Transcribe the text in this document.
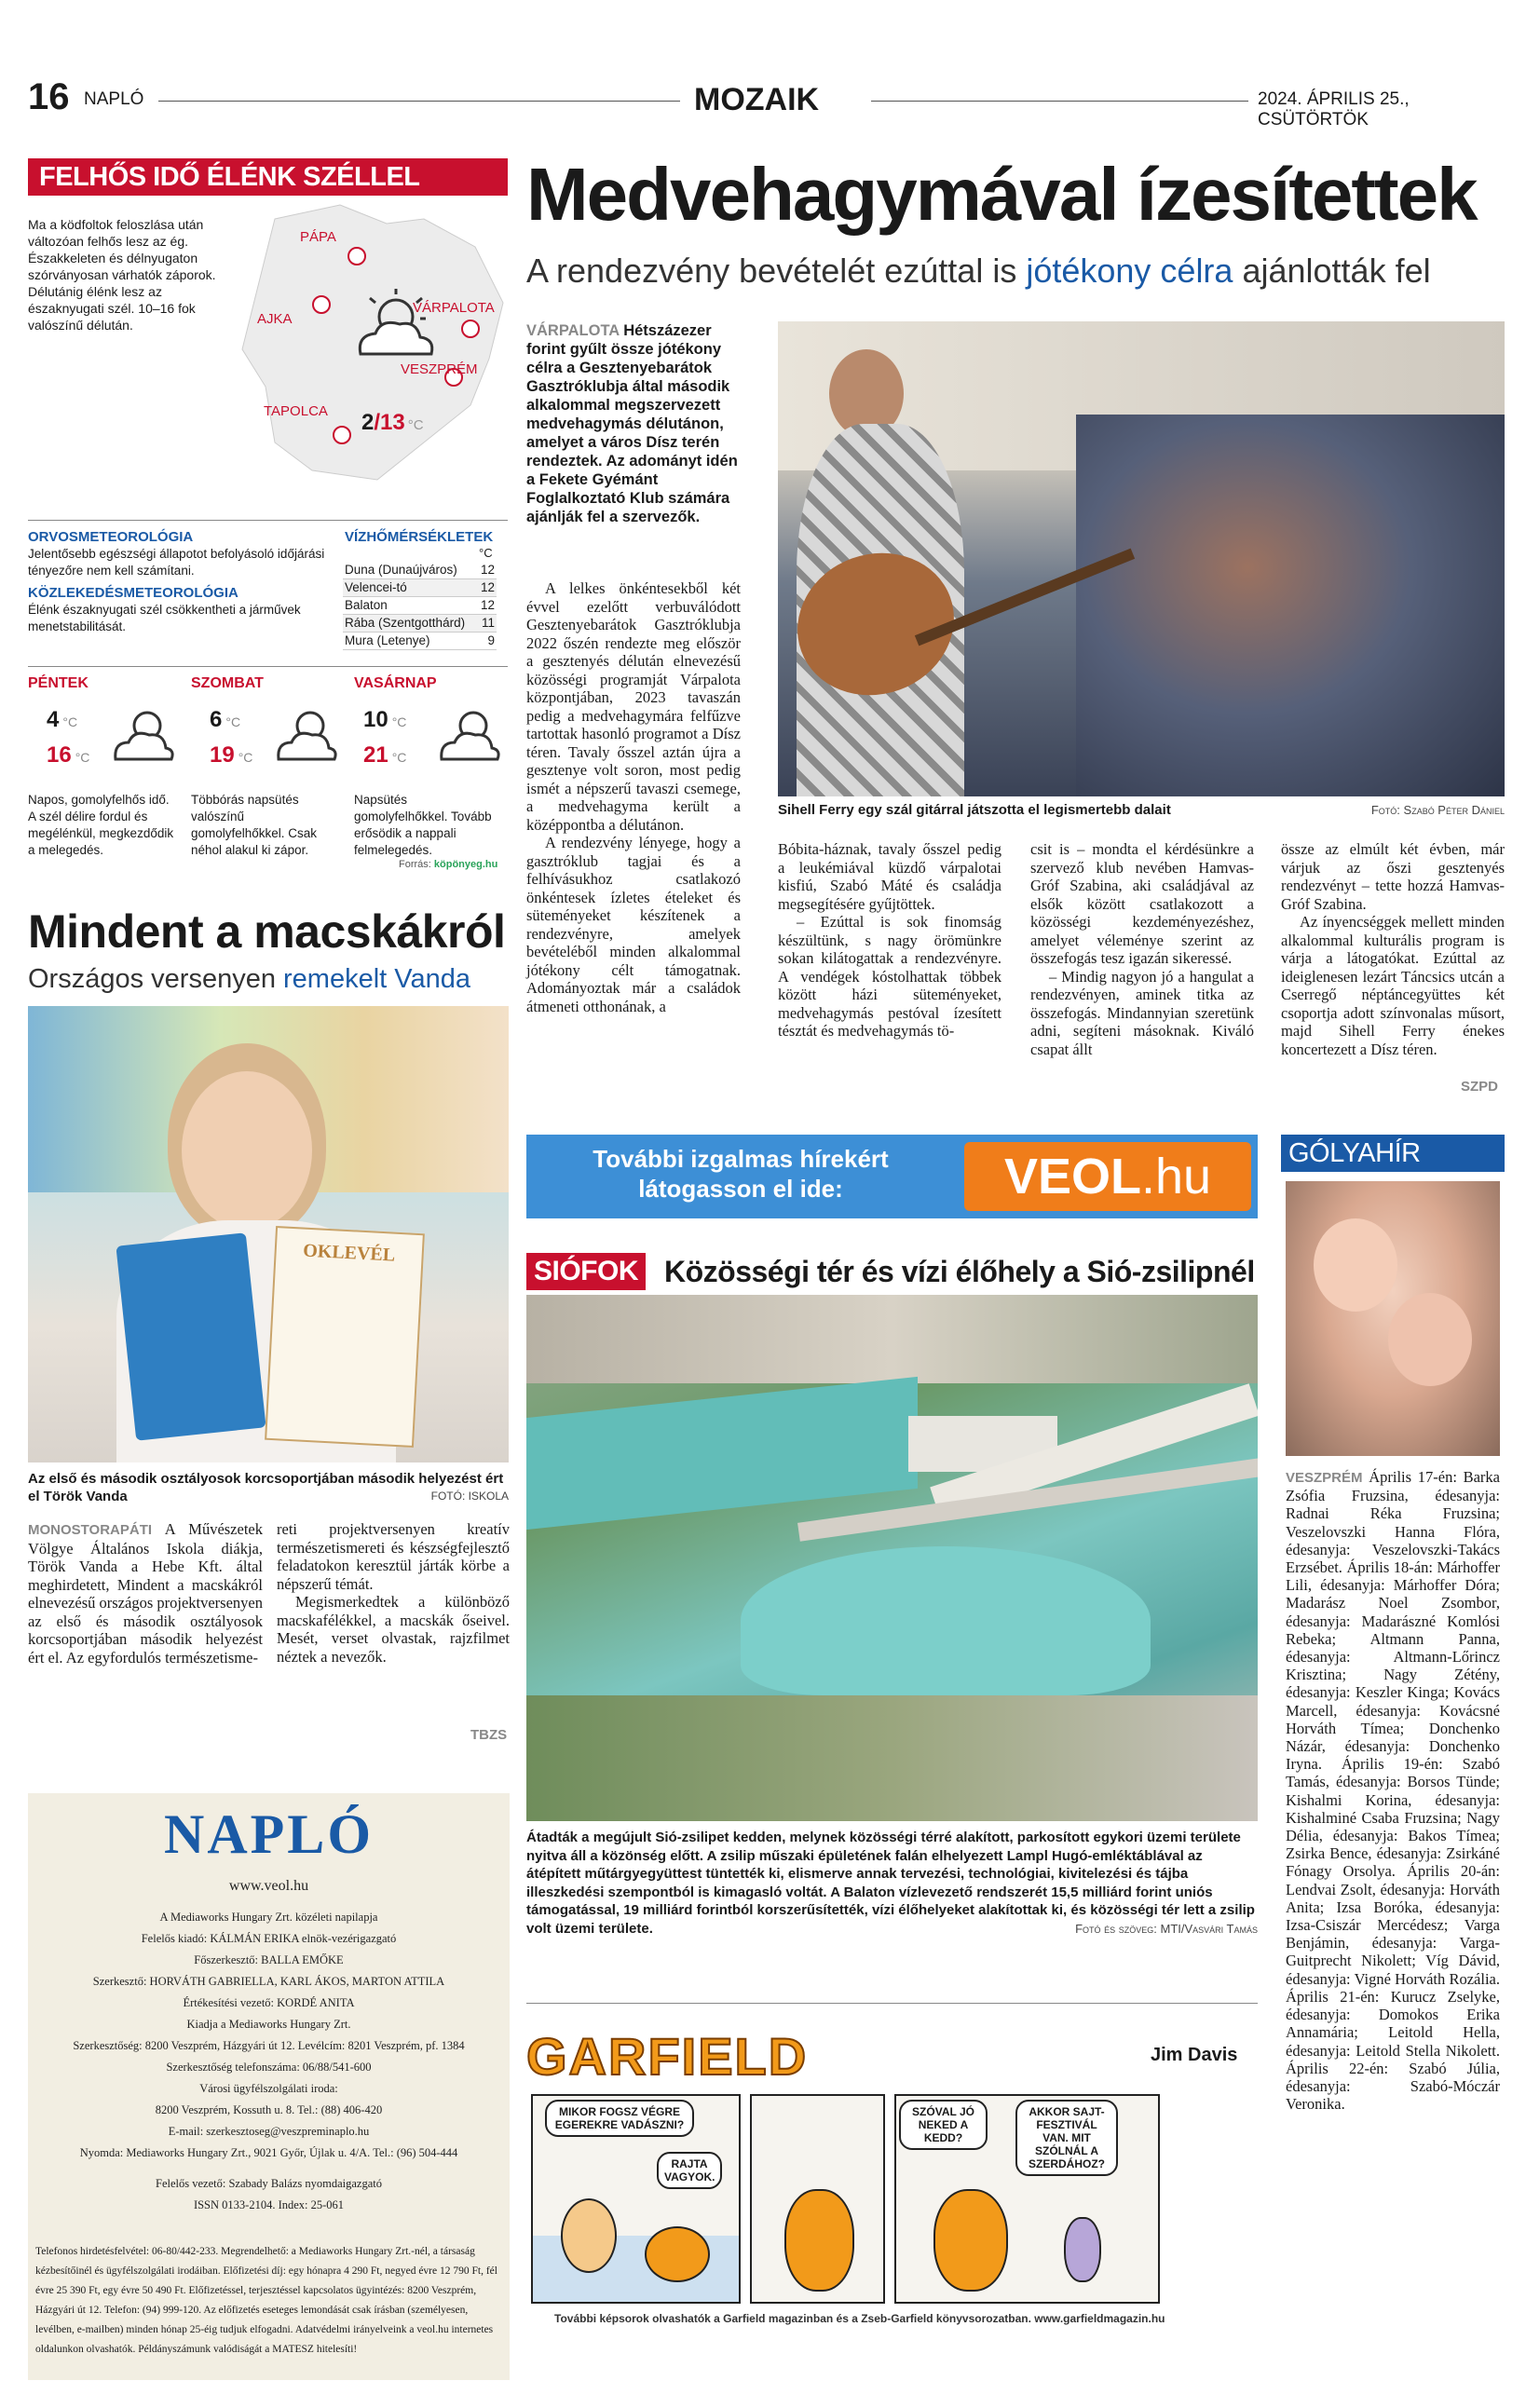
16 NAPLÓ	MOZAIK	2024. ÁPRILIS 25., CSÜTÖRTÖK
FELHŐS IDŐ ÉLÉNK SZÉLLEL
Ma a ködfoltok feloszlása után változóan felhős lesz az ég. Északkeleten és délnyugaton szórványosan várhatók záporok. Délutánig élénk lesz az északnyugati szél. 10–16 fok valószínű délután.
PÁPA
AJKA
VÁRPALOTA
VESZPRÉM
TAPOLCA 2/13 °C
ORVOSMETEOROLÓGIA
Jelentősebb egészségi állapotot befolyásoló időjárási tényezőre nem kell számítani.
KÖZLEKEDÉSMETEOROLÓGIA
Élénk északnyugati szél csökkentheti a járművek menetstabilitását.
VÍZHŐMÉRSÉKLETEK
°C
Duna (Dunaújváros)	12
Velencei-tó	12
Balaton	12
Rába (Szentgotthárd)	11
Mura (Letenye)	9
PÉNTEK
4 °C
16 °C
Napos, gomolyfelhős idő. A szél délire fordul és megélénkül, megkezdődik a melegedés.
SZOMBAT
6 °C
19 °C
Többórás napsütés valószínű gomolyfelhőkkel. Csak néhol alakul ki zápor.
VASÁRNAP
10 °C
21 °C
Napsütés gomolyfelhőkkel. Tovább erősödik a nappali felmelegedés.
Forrás: köpönyeg.hu
Mindent a macskákról
Országos versenyen remekelt Vanda
OKLEVÉL
Az első és második osztályosok korcsoportjában második helyezést ért el Török Vanda	FOTÓ: ISKOLA
MONOSTORAPÁTI A Művészetek Völgye Általános Iskola diákja, Török Vanda a Hebe Kft. által meghirdetett, Mindent a macskákról elnevezésű országos projektversenyen az első és második osztályosok korcsoportjában második helyezést ért el. Az egyfordulós természetisme-

reti projektversenyen kreatív természetismereti és készségfejlesztő feladatokon keresztül járták körbe a népszerű témát.

Megismerkedtek a különböző macskafélékkel, a macskák őseivel. Mesét, verset olvastak, rajzfilmet néztek a nevezők.

TBZS
NAPLÓ
www.veol.hu
A Mediaworks Hungary Zrt. közéleti napilapja
Felelős kiadó: KÁLMÁN ERIKA elnök-vezérigazgató
Főszerkesztő: BALLA EMŐKE
Szerkesztő: HORVÁTH GABRIELLA, KARL ÁKOS, MARTON ATTILA
Értékesítési vezető: KORDÉ ANITA
Kiadja a Mediaworks Hungary Zrt.
Szerkesztőség: 8200 Veszprém, Házgyári út 12. Levélcím: 8201 Veszprém, pf. 1384
Szerkesztőség telefonszáma: 06/88/541-600
Városi ügyfélszolgálati iroda:
8200 Veszprém, Kossuth u. 8. Tel.: (88) 406-420
E-mail: szerkesztoseg@veszpreminaplo.hu
Nyomda: Mediaworks Hungary Zrt., 9021 Győr, Újlak u. 4/A. Tel.: (96) 504-444
Felelős vezető: Szabady Balázs nyomdaigazgató
ISSN 0133-2104. Index: 25-061
Telefonos hirdetésfelvétel: 06-80/442-233. Megrendelhető: a Mediaworks Hungary Zrt.-nél, a társaság kézbesítőinél és ügyfélszolgálati irodáiban. Előfizetési díj: egy hónapra 4 290 Ft, negyed évre 12 790 Ft, fél évre 25 390 Ft, egy évre 50 490 Ft. Előfizetéssel, terjesztéssel kapcsolatos ügyintézés: 8200 Veszprém, Házgyári út 12. Telefon: (94) 999-120. Az előfizetés eseteges lemondását csak írásban (személyesen, levélben, e-mailben) minden hónap 25-éig tudjuk elfogadni. Adatvédelmi irányelveink a veol.hu internetes oldalunkon olvashatók. Példányszámunk valódiságát a MATESZ hitelesíti!
Medvehagymával ízesítettek
A rendezvény bevételét ezúttal is jótékony célra ajánlották fel
VÁRPALOTA Hétszázezer forint gyűlt össze jótékony célra a Gesztenyebarátok Gasztróklubja által második alkalommal megszervezett medvehagymás délutánon, amelyet a város Dísz terén rendeztek. Az adományt idén a Fekete Gyémánt Foglalkoztató Klub számára ajánlják fel a szervezők.

A lelkes önkéntesekből két évvel ezelőtt verbuválódott Gesztenyebarátok Gasztróklubja 2022 őszén rendezte meg először a gesztenyés délután elnevezésű közösségi programját Várpalota központjában, 2023 tavaszán pedig a medvehagymára felfűzve tartottak hasonló programot a Dísz téren. Tavaly ősszel aztán újra a gesztenye volt soron, most pedig ismét a népszerű tavaszi csemege, a medvehagyma került a középpontba a délutánon.

A rendezvény lényege, hogy a gasztróklub tagjai és a felhívásukhoz csatlakozó önkéntesek ízletes ételeket és süteményeket készítenek a rendezvényre, amelyek bevételéből minden alkalommal jótékony célt támogatnak. Adományoztak már a családok átmeneti otthonának, a

Sihell Ferry egy szál gitárral játszotta el legismertebb dalait	Fotó: Szabó Péter Dániel

Bóbita-háznak, tavaly ősszel pedig a leukémiával küzdő várpalotai kisfiú, Szabó Máté és családja megsegítésére gyűjtöttek.

– Ezúttal is sok finomság készültünk, s nagy örömünkre sokan kilátogattak a rendezvényre. A vendégek kóstolhattak többek között házi süteményeket, medvehagymás pestóval ízesített tésztát és medvehagymás tö-

csit is – mondta el kérdésünkre a szervező klub nevében Hamvas-Gróf Szabina, aki családjával az elsők között csatlakozott a közösségi kezdeményezéshez, amelyet véleménye szerint az összefogás tesz igazán sikeressé.

– Mindig nagyon jó a hangulat a rendezvényen, aminek titka az összefogás. Mindannyian szeretünk adni, segíteni másoknak. Kiváló csapat állt

össze az elmúlt két évben, már várjuk az őszi gesztenyés rendezvényt – tette hozzá Hamvas-Gróf Szabina.

Az ínyencséggek mellett minden alkalommal kulturális program is várja a látogatókat. Ezúttal az ideiglenesen lezárt Táncsics utcán a Cserregő néptáncegyüttes két csoportja adott színvonalas műsort, majd Sihell Ferry énekes koncertezett a Dísz téren.

SZPD
További izgalmas hírekért
látogasson el ide:	VEOL.hu
SIÓFOK Közösségi tér és vízi élőhely a Sió-zsilipnél
Átadták a megújult Sió-zsilipet kedden, melynek közösségi térré alakított, parkosított egykori üzemi területe nyitva áll a közönség előtt. A zsilip műszaki épületének falán elhelyezett Lampl Hugó-emléktáblával az átépített műtárgyegyüttest tüntették ki, elismerve annak tervezési, technológiai, kivitelezési és tájba illeszkedési szempontból is kimagasló voltát. A Balaton vízlevezető rendszerét 15,5 milliárd forint uniós támogatással, 19 milliárd forintból korszerűsítették, vízi élőhelyeket alakítottak ki, és közösségi tér lett a zsilip volt üzemi területe.	Fotó és szöveg: MTI/Vasvári Tamás
GARFIELD	Jim Davis
MIKOR FOGSZ VÉGRE EGEREKRE VADÁSZNI?
RAJTA VAGYOK.
SZÓVAL JÓ NEKED A KEDD?
AKKOR SAJT-FESZTIVÁL VAN. MIT SZÓLNÁL A SZERDÁHOZ?
További képsorok olvashatók a Garfield magazinban és a Zseb-Garfield könyvsorozatban. www.garfieldmagazin.hu
GÓLYAHÍR
VESZPRÉM Április 17-én: Barka Zsófia Fruzsina, édesanyja: Radnai Réka Fruzsina; Veszelovszki Hanna Flóra, édesanyja: Veszelovszki-Takács Erzsébet. Április 18-án: Márhoffer Lili, édesanyja: Márhoffer Dóra; Madarász Noel Zsombor, édesanyja: Madarászné Komlósi Rebeka; Altmann Panna, édesanyja: Altmann-Lőrincz Krisztina; Nagy Zétény, édesanyja: Keszler Kinga; Kovács Marcell, édesanyja: Kovácsné Horváth Tímea; Donchenko Názár, édesanyja: Donchenko Iryna. Április 19-én: Szabó Tamás, édesanyja: Borsos Tünde; Kishalmi Korina, édesanyja: Kishalminé Csaba Fruzsina; Nagy Délia, édesanyja: Bakos Tímea; Zsirka Bence, édesanyja: Zsirkáné Fónagy Orsolya. Április 20-án: Lendvai Zsolt, édesanyja: Horváth Anita; Izsa Boróka, édesanyja: Izsa-Csiszár Mercédesz; Varga Benjámin, édesanyja: Varga-Guitprecht Nikolett; Víg Dávid, édesanyja: Vigné Horváth Rozália. Április 21-én: Kurucz Zselyke, édesanyja: Domokos Erika Annamária; Leitold Hella, édesanyja: Leitold Stella Nikolett. Április 22-én: Szabó Júlia, édesanyja: Szabó-Móczár Veronika.
